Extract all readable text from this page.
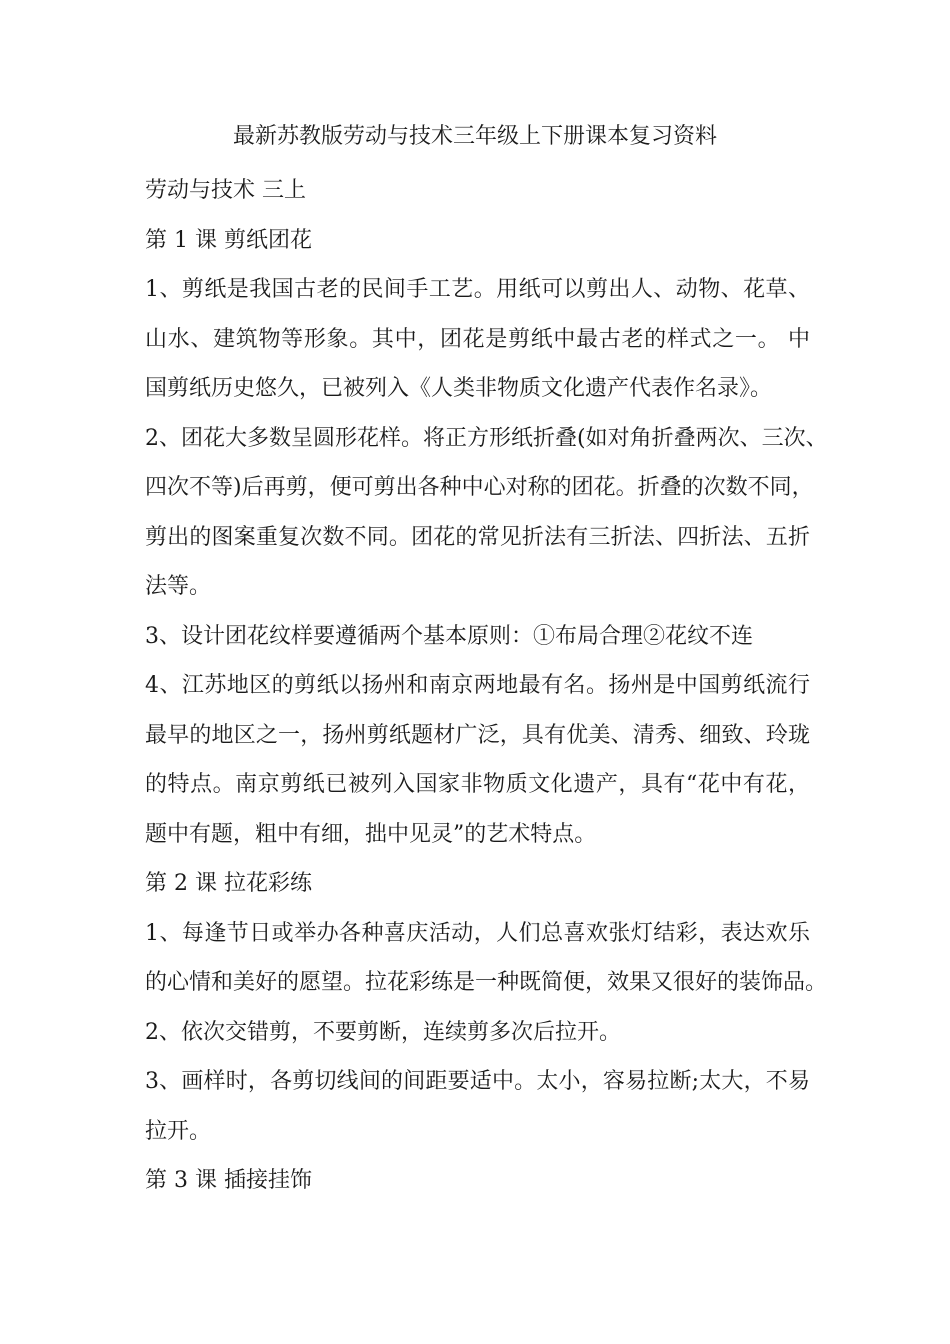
最新苏教版劳动与技术三年级上下册课本复习资料
劳动与技术 三上
第 1 课 剪纸团花
1、剪纸是我国古老的民间手工艺。用纸可以剪出人、动物、花草、
山水、建筑物等形象。其中，团花是剪纸中最古老的样式之一。 中
国剪纸历史悠久，已被列入《人类非物质文化遗产代表作名录》。
2、团花大多数呈圆形花样。将正方形纸折叠(如对角折叠两次、三次、
四次不等)后再剪，便可剪出各种中心对称的团花。折叠的次数不同，
剪出的图案重复次数不同。团花的常见折法有三折法、四折法、五折
法等。
3、设计团花纹样要遵循两个基本原则：①布局合理②花纹不连
4、江苏地区的剪纸以扬州和南京两地最有名。扬州是中国剪纸流行
最早的地区之一，扬州剪纸题材广泛，具有优美、清秀、细致、玲珑
的特点。南京剪纸已被列入国家非物质文化遗产，具有“花中有花，
题中有题，粗中有细，拙中见灵”的艺术特点。
第 2 课 拉花彩练
1、每逢节日或举办各种喜庆活动，人们总喜欢张灯结彩，表达欢乐
的心情和美好的愿望。拉花彩练是一种既简便，效果又很好的装饰品。
2、依次交错剪，不要剪断，连续剪多次后拉开。
3、画样时，各剪切线间的间距要适中。太小，容易拉断;太大，不易
拉开。
第 3 课 插接挂饰
